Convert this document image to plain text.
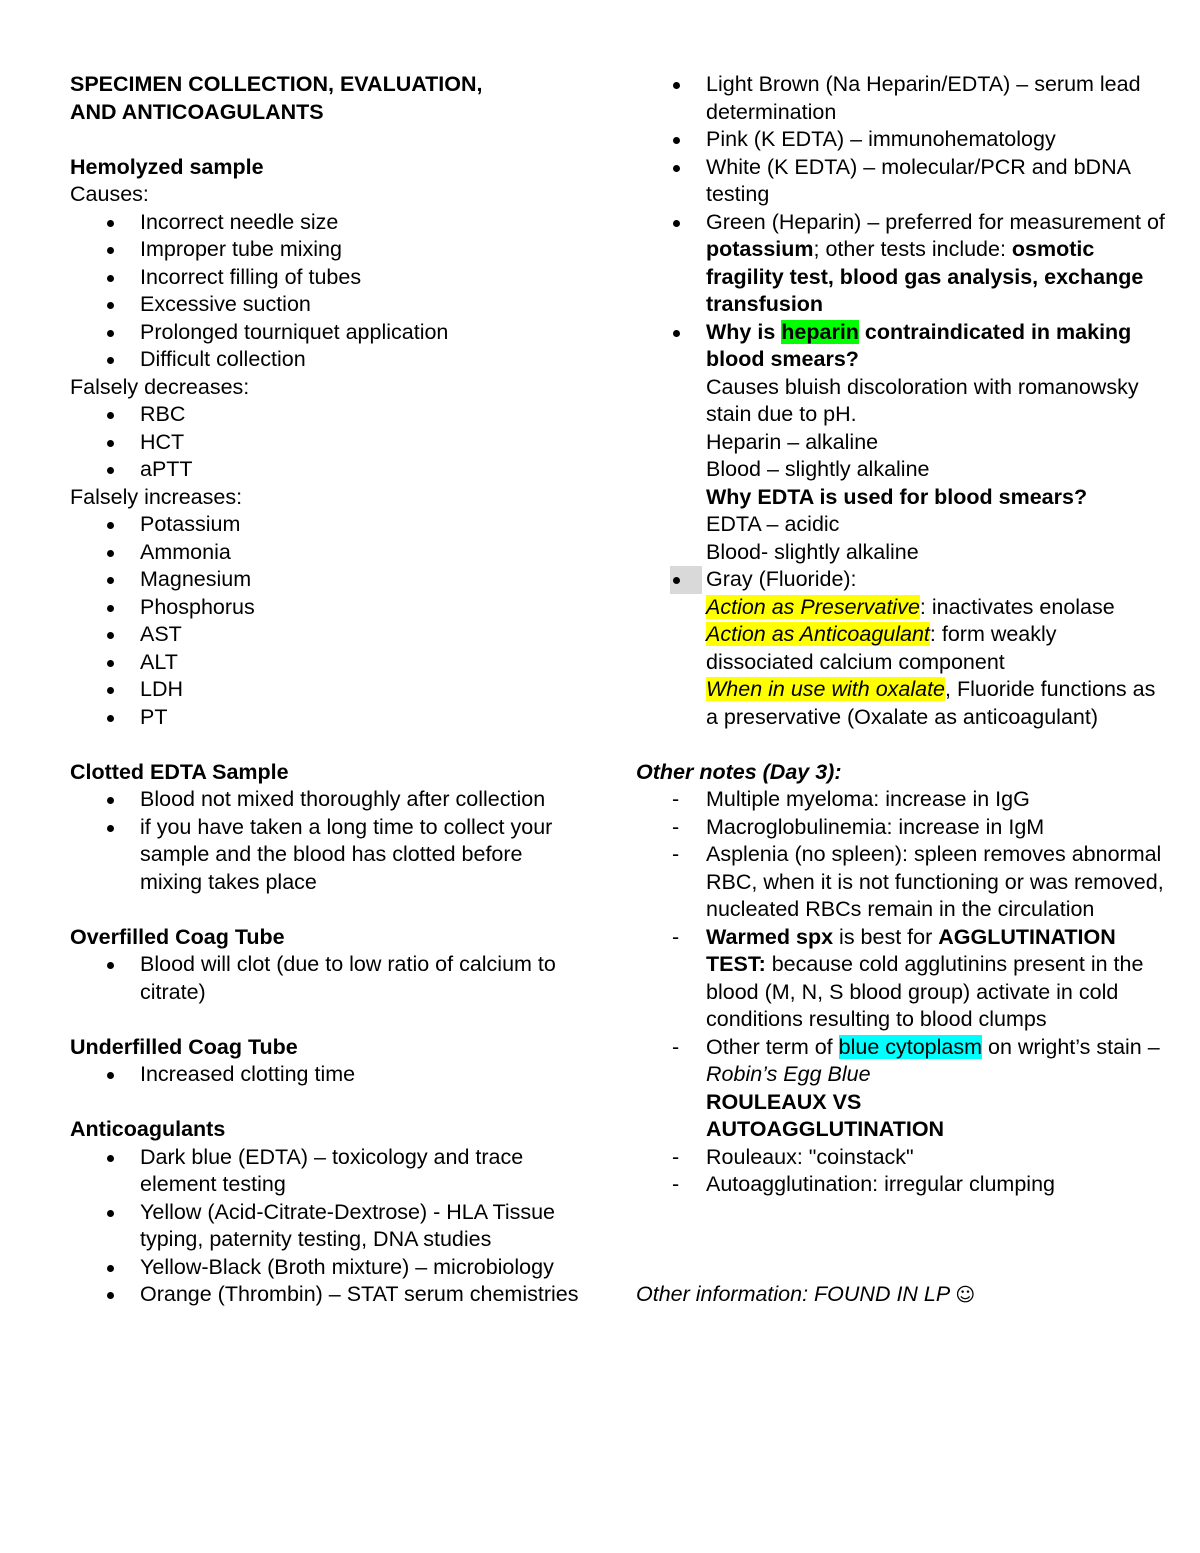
SPECIMEN COLLECTION, EVALUATION,
AND ANTICOAGULANTS
Hemolyzed sample
Causes:
Incorrect needle size
Improper tube mixing
Incorrect filling of tubes
Excessive suction
Prolonged tourniquet application
Difficult collection
Falsely decreases:
RBC
HCT
aPTT
Falsely increases:
Potassium
Ammonia
Magnesium
Phosphorus
AST
ALT
LDH
PT
Clotted EDTA Sample
Blood not mixed thoroughly after collection
if you have taken a long time to collect your sample and the blood has clotted before mixing takes place
Overfilled Coag Tube
Blood will clot (due to low ratio of calcium to citrate)
Underfilled Coag Tube
Increased clotting time
Anticoagulants
Dark blue (EDTA) – toxicology and trace element testing
Yellow (Acid-Citrate-Dextrose) - HLA Tissue typing, paternity testing, DNA studies
Yellow-Black (Broth mixture) – microbiology
Orange (Thrombin) – STAT serum chemistries
Light Brown (Na Heparin/EDTA) – serum lead determination
Pink (K EDTA) – immunohematology
White (K EDTA) – molecular/PCR and bDNA testing
Green (Heparin) – preferred for measurement of potassium; other tests include: osmotic fragility test, blood gas analysis, exchange transfusion
Why is heparin contraindicated in making blood smears?
Causes bluish discoloration with romanowsky stain due to pH.
Heparin – alkaline
Blood – slightly alkaline
Why EDTA is used for blood smears?
EDTA – acidic
Blood- slightly alkaline
Gray (Fluoride):
Action as Preservative: inactivates enolase
Action as Anticoagulant: form weakly dissociated calcium component
When in use with oxalate, Fluoride functions as a preservative (Oxalate as anticoagulant)
Other notes (Day 3):
- Multiple myeloma: increase in IgG
- Macroglobulinemia: increase in IgM
- Asplenia (no spleen): spleen removes abnormal RBC, when it is not functioning or was removed, nucleated RBCs remain in the circulation
- Warmed spx is best for AGGLUTINATION TEST: because cold agglutinins present in the blood (M, N, S blood group) activate in cold conditions resulting to blood clumps
- Other term of blue cytoplasm on wright’s stain – Robin’s Egg Blue
ROULEAUX VS
AUTOAGGLUTINATION
- Rouleaux: "coinstack"
- Autoagglutination: irregular clumping
Other information: FOUND IN LP ☺
